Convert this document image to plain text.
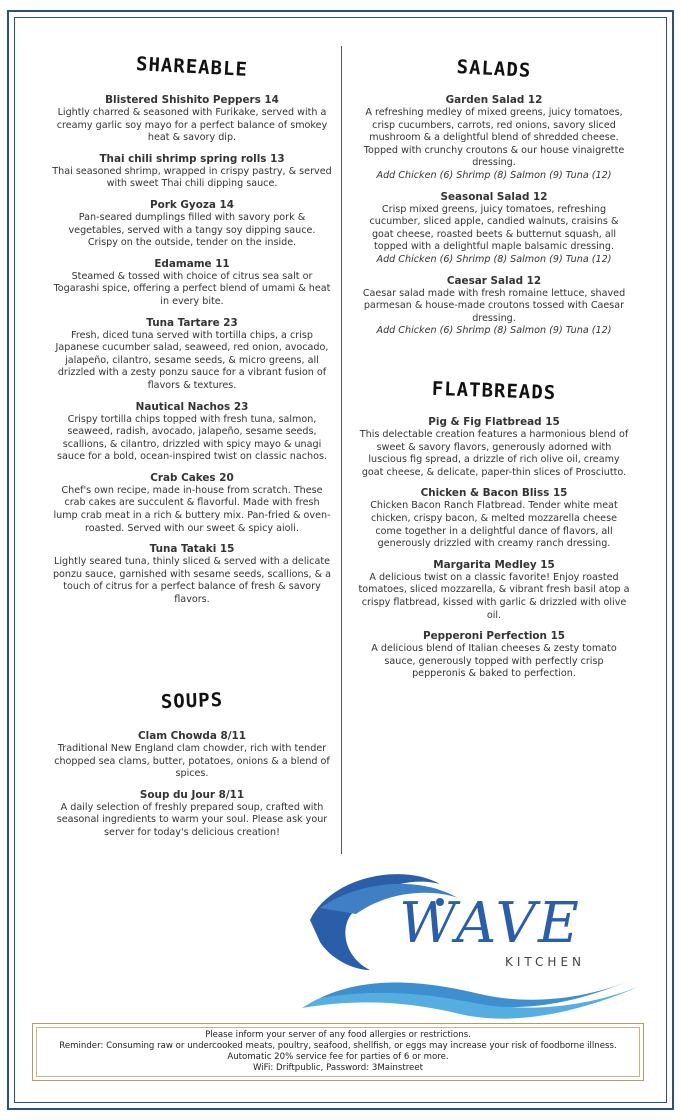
SHAREABLE
Blistered Shishito Peppers 14
Lightly charred & seasoned with Furikake, served with a creamy garlic soy mayo for a perfect balance of smokey heat & savory dip.
Thai chili shrimp spring rolls 13
Thai seasoned shrimp, wrapped in crispy pastry, & served with sweet Thai chili dipping sauce.
Pork Gyoza 14
Pan-seared dumplings filled with savory pork & vegetables, served with a tangy soy dipping sauce. Crispy on the outside, tender on the inside.
Edamame 11
Steamed & tossed with choice of citrus sea salt or Togarashi spice, offering a perfect blend of umami & heat in every bite.
Tuna Tartare 23
Fresh, diced tuna served with tortilla chips, a crisp Japanese cucumber salad, seaweed, red onion, avocado, jalapeño, cilantro, sesame seeds, & micro greens, all drizzled with a zesty ponzu sauce for a vibrant fusion of flavors & textures.
Nautical Nachos 23
Crispy tortilla chips topped with fresh tuna, salmon, seaweed, radish, avocado, jalapeño, sesame seeds, scallions, & cilantro, drizzled with spicy mayo & unagi sauce for a bold, ocean-inspired twist on classic nachos.
Crab Cakes 20
Chef's own recipe, made in-house from scratch. These crab cakes are succulent & flavorful. Made with fresh lump crab meat in a rich & buttery mix. Pan-fried & oven-roasted. Served with our sweet & spicy aioli.
Tuna Tataki 15
Lightly seared tuna, thinly sliced & served with a delicate ponzu sauce, garnished with sesame seeds, scallions, & a touch of citrus for a perfect balance of fresh & savory flavors.
SOUPS
Clam Chowda 8/11
Traditional New England clam chowder, rich with tender chopped sea clams, butter, potatoes, onions & a blend of spices.
Soup du Jour 8/11
A daily selection of freshly prepared soup, crafted with seasonal ingredients to warm your soul. Please ask your server for today's delicious creation!
SALADS
Garden Salad 12
A refreshing medley of mixed greens, juicy tomatoes, crisp cucumbers, carrots, red onions, savory sliced mushroom & a delightful blend of shredded cheese. Topped with crunchy croutons & our house vinaigrette dressing.
Add Chicken (6) Shrimp (8) Salmon (9) Tuna (12)
Seasonal Salad 12
Crisp mixed greens, juicy tomatoes, refreshing cucumber, sliced apple, candied walnuts, craisins & goat cheese, roasted beets & butternut squash, all topped with a delightful maple balsamic dressing.
Add Chicken (6) Shrimp (8) Salmon (9) Tuna (12)
Caesar Salad 12
Caesar salad made with fresh romaine lettuce, shaved parmesan & house-made croutons tossed with Caesar dressing.
Add Chicken (6) Shrimp (8) Salmon (9) Tuna (12)
FLATBREADS
Pig & Fig Flatbread 15
This delectable creation features a harmonious blend of sweet & savory flavors, generously adorned with luscious fig spread, a drizzle of rich olive oil, creamy goat cheese, & delicate, paper-thin slices of Prosciutto.
Chicken & Bacon Bliss 15
Chicken Bacon Ranch Flatbread. Tender white meat chicken, crispy bacon, & melted mozzarella cheese come together in a delightful dance of flavors, all generously drizzled with creamy ranch dressing.
Margarita Medley 15
A delicious twist on a classic favorite! Enjoy roasted tomatoes, sliced mozzarella, & vibrant fresh basil atop a crispy flatbread, kissed with garlic & drizzled with olive oil.
Pepperoni Perfection 15
A delicious blend of Italian cheeses & zesty tomato sauce, generously topped with perfectly crisp pepperonis & baked to perfection.
WAVE
KITCHEN
Please inform your server of any food allergies or restrictions.
Reminder: Consuming raw or undercooked meats, poultry, seafood, shellfish, or eggs may increase your risk of foodborne illness.
Automatic 20% service fee for parties of 6 or more.
WiFi: Driftpublic, Password: 3Mainstreet
